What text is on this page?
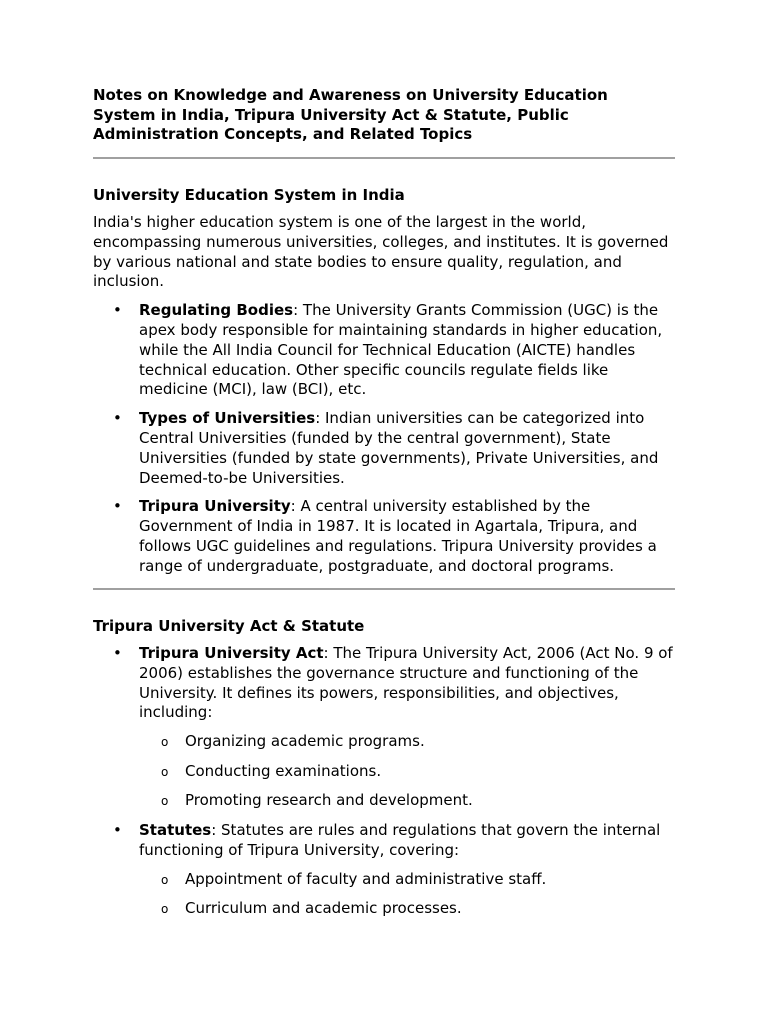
Notes on Knowledge and Awareness on University Education System in India, Tripura University Act & Statute, Public Administration Concepts, and Related Topics
University Education System in India
India's higher education system is one of the largest in the world, encompassing numerous universities, colleges, and institutes. It is governed by various national and state bodies to ensure quality, regulation, and inclusion.
• Regulating Bodies: The University Grants Commission (UGC) is the apex body responsible for maintaining standards in higher education, while the All India Council for Technical Education (AICTE) handles technical education. Other specific councils regulate fields like medicine (MCI), law (BCI), etc.
• Types of Universities: Indian universities can be categorized into Central Universities (funded by the central government), State Universities (funded by state governments), Private Universities, and Deemed-to-be Universities.
• Tripura University: A central university established by the Government of India in 1987. It is located in Agartala, Tripura, and follows UGC guidelines and regulations. Tripura University provides a range of undergraduate, postgraduate, and doctoral programs.
Tripura University Act & Statute
• Tripura University Act: The Tripura University Act, 2006 (Act No. 9 of 2006) establishes the governance structure and functioning of the University. It defines its powers, responsibilities, and objectives, including:
o Organizing academic programs.
o Conducting examinations.
o Promoting research and development.
• Statutes: Statutes are rules and regulations that govern the internal functioning of Tripura University, covering:
o Appointment of faculty and administrative staff.
o Curriculum and academic processes.
